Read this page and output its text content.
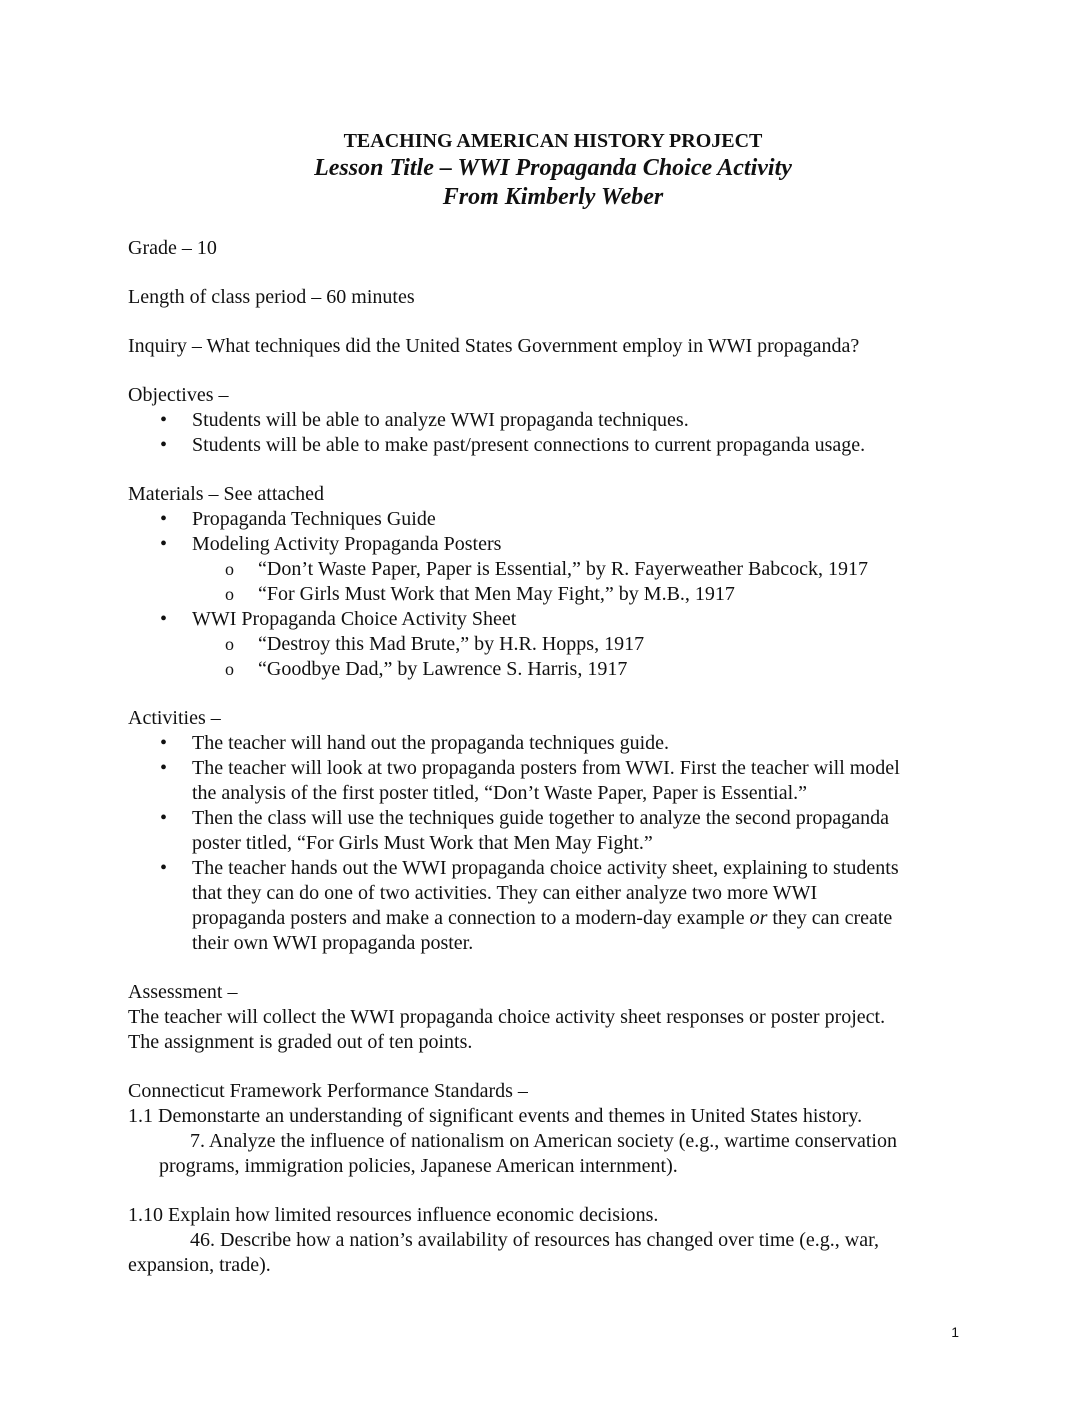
TEACHING AMERICAN HISTORY PROJECT
Lesson Title – WWI Propaganda Choice Activity
From Kimberly Weber

Grade – 10

Length of class period – 60 minutes

Inquiry – What techniques did the United States Government employ in WWI propaganda?

Objectives –

• Students will be able to analyze WWI propaganda techniques.
• Students will be able to make past/present connections to current propaganda usage.

Materials – See attached

• Propaganda Techniques Guide
• Modeling Activity Propaganda Posters
o “Don’t Waste Paper, Paper is Essential,” by R. Fayerweather Babcock, 1917
o “For Girls Must Work that Men May Fight,” by M.B., 1917
• WWI Propaganda Choice Activity Sheet
o “Destroy this Mad Brute,” by H.R. Hopps, 1917
o “Goodbye Dad,” by Lawrence S. Harris, 1917

Activities –

• The teacher will hand out the propaganda techniques guide.
• The teacher will look at two propaganda posters from WWI. First the teacher will model
the analysis of the first poster titled, “Don’t Waste Paper, Paper is Essential.”
• Then the class will use the techniques guide together to analyze the second propaganda
poster titled, “For Girls Must Work that Men May Fight.”
• The teacher hands out the WWI propaganda choice activity sheet, explaining to students
that they can do one of two activities. They can either analyze two more WWI
propaganda posters and make a connection to a modern-day example or they can create
their own WWI propaganda poster.

Assessment –

The teacher will collect the WWI propaganda choice activity sheet responses or poster project.

The assignment is graded out of ten points.

Connecticut Framework Performance Standards –

1.1 Demonstarte an understanding of significant events and themes in United States history.

7. Analyze the influence of nationalism on American society (e.g., wartime conservation

programs, immigration policies, Japanese American internment).

1.10 Explain how limited resources influence economic decisions.

46. Describe how a nation’s availability of resources has changed over time (e.g., war,

expansion, trade).

1
